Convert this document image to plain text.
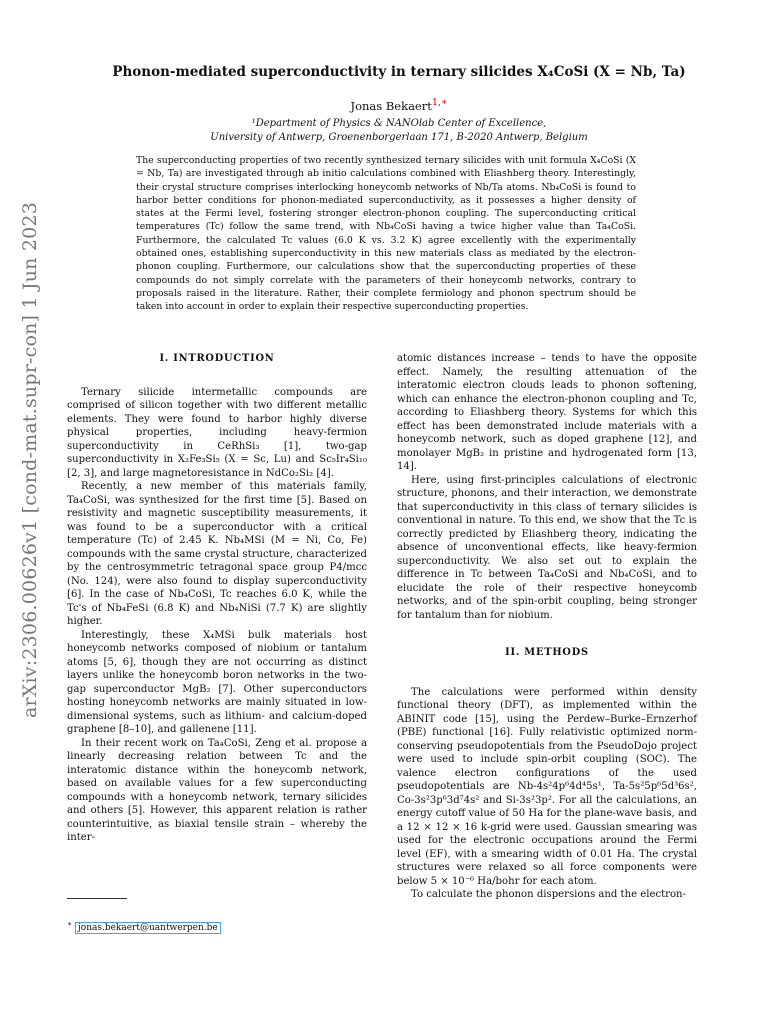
arXiv:2306.00626v1 [cond-mat.supr-con] 1 Jun 2023
Phonon-mediated superconductivity in ternary silicides X₄CoSi (X = Nb, Ta)
Jonas Bekaert$^{1,∗}$
¹Department of Physics & NANOlab Center of Excellence,
University of Antwerp, Groenenborgerlaan 171, B-2020 Antwerp, Belgium
The superconducting properties of two recently synthesized ternary silicides with unit formula X₄CoSi (X = Nb, Ta) are investigated through ab initio calculations combined with Eliashberg theory. Interestingly, their crystal structure comprises interlocking honeycomb networks of Nb/Ta atoms. Nb₄CoSi is found to harbor better conditions for phonon-mediated superconductivity, as it possesses a higher density of states at the Fermi level, fostering stronger electron-phonon coupling. The superconducting critical temperatures (Tc) follow the same trend, with Nb₄CoSi having a twice higher value than Ta₄CoSi. Furthermore, the calculated Tc values (6.0 K vs. 3.2 K) agree excellently with the experimentally obtained ones, establishing superconductivity in this new materials class as mediated by the electron-phonon coupling. Furthermore, our calculations show that the superconducting properties of these compounds do not simply correlate with the parameters of their honeycomb networks, contrary to proposals raised in the literature. Rather, their complete fermiology and phonon spectrum should be taken into account in order to explain their respective superconducting properties.

I. INTRODUCTION

Ternary silicide intermetallic compounds are comprised of silicon together with two different metallic elements. They were found to harbor highly diverse physical properties, including heavy-fermion superconductivity in CeRhSi₃ [1], two-gap superconductivity in X₂Fe₃Si₅ (X = Sc, Lu) and Sc₅Ir₄Si₁₀ [2, 3], and large magnetoresistance in NdCo₂Si₂ [4].

Recently, a new member of this materials family, Ta₄CoSi, was synthesized for the first time [5]. Based on resistivity and magnetic susceptibility measurements, it was found to be a superconductor with a critical temperature (Tc) of 2.45 K. Nb₄MSi (M = Ni, Co, Fe) compounds with the same crystal structure, characterized by the centrosymmetric tetragonal space group P4/mcc (No. 124), were also found to display superconductivity [6]. In the case of Nb₄CoSi, Tc reaches 6.0 K, while the Tc's of Nb₄FeSi (6.8 K) and Nb₄NiSi (7.7 K) are slightly higher.

Interestingly, these X₄MSi bulk materials host honeycomb networks composed of niobium or tantalum atoms [5, 6], though they are not occurring as distinct layers unlike the honeycomb boron networks in the two-gap superconductor MgB₂ [7]. Other superconductors hosting honeycomb networks are mainly situated in low-dimensional systems, such as lithium- and calcium-doped graphene [8–10], and gallenene [11].

In their recent work on Ta₄CoSi, Zeng et al. propose a linearly decreasing relation between Tc and the interatomic distance within the honeycomb network, based on available values for a few superconducting compounds with a honeycomb network, ternary silicides and others [5]. However, this apparent relation is rather counterintuitive, as biaxial tensile strain – whereby the inter-

atomic distances increase – tends to have the opposite effect. Namely, the resulting attenuation of the interatomic electron clouds leads to phonon softening, which can enhance the electron-phonon coupling and Tc, according to Eliashberg theory. Systems for which this effect has been demonstrated include materials with a honeycomb network, such as doped graphene [12], and monolayer MgB₂ in pristine and hydrogenated form [13, 14].

Here, using first-principles calculations of electronic structure, phonons, and their interaction, we demonstrate that superconductivity in this class of ternary silicides is conventional in nature. To this end, we show that the Tc is correctly predicted by Eliashberg theory, indicating the absence of unconventional effects, like heavy-fermion superconductivity. We also set out to explain the difference in Tc between Ta₄CoSi and Nb₄CoSi, and to elucidate the role of their respective honeycomb networks, and of the spin-orbit coupling, being stronger for tantalum than for niobium.

II. METHODS

The calculations were performed within density functional theory (DFT), as implemented within the ABINIT code [15], using the Perdew–Burke–Ernzerhof (PBE) functional [16]. Fully relativistic optimized norm-conserving pseudopotentials from the PseudoDojo project were used to include spin-orbit coupling (SOC). The valence electron configurations of the used pseudopotentials are Nb-4s²4p⁶4d⁴5s¹, Ta-5s²5p⁶5d³6s², Co-3s²3p⁶3d⁷4s² and Si-3s²3p². For all the calculations, an energy cutoff value of 50 Ha for the plane-wave basis, and a 12 × 12 × 16 k-grid were used. Gaussian smearing was used for the electronic occupations around the Fermi level (EF), with a smearing width of 0.01 Ha. The crystal structures were relaxed so all force components were below 5 × 10⁻⁶ Ha/bohr for each atom.

To calculate the phonon dispersions and the electron-

∗ jonas.bekaert@uantwerpen.be
